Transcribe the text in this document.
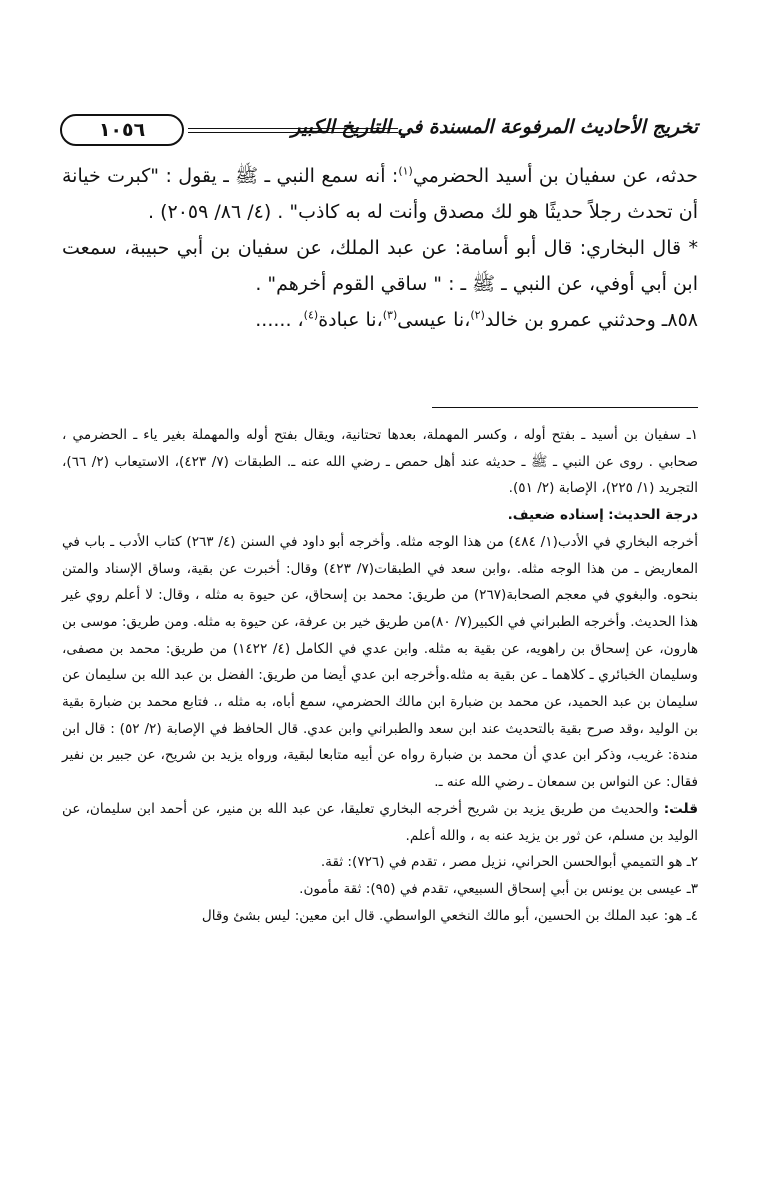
تخريج الأحاديث المرفوعة المسندة في التاريخ الكبير
١٠٥٦

حدثه، عن سفيان بن أسيد الحضرمي$^{(١)}$: أنه سمع النبي ـ ﷺ ـ يقول : "كبرت خيانة أن تحدث رجلاً حديثًا هو لك مصدق وأنت له به كاذب" . (٤/ ٨٦/ ٢٠٥٩) .

* قال البخاري: قال أبو أسامة: عن عبد الملك، عن سفيان بن أبي حبيبة، سمعت ابن أبي أوفي، عن النبي ـ ﷺ ـ : " ساقي القوم أخرهم" .

٨٥٨ـ وحدثني عمرو بن خالد$^{(٢)}$،نا عيسى$^{(٣)}$،نا عبادة$^{(٤)}$، ......

١ـ سفيان بن أسيد ـ بفتح أوله ، وكسر المهملة، بعدها تحتانية، ويقال بفتح أوله والمهملة بغير ياء ـ الحضرمي ، صحابي . روى عن النبي ـ ﷺ ـ حديثه عند أهل حمص ـ رضي الله عنه ـ. الطبقات (٧/ ٤٢٣)، الاستيعاب (٢/ ٦٦)، التجريد (١/ ٢٢٥)، الإصابة (٢/ ٥١).

درجة الحديث: إسناده ضعيف.

أخرجه البخاري في الأدب(١/ ٤٨٤) من هذا الوجه مثله. وأخرجه أبو داود في السنن (٤/ ٢٦٣) كتاب الأدب ـ باب في المعاريض ـ من هذا الوجه مثله. ،وابن سعد في الطبقات(٧/ ٤٢٣) وقال: أخبرت عن بقية، وساق الإسناد والمتن بنحوه. والبغوي في معجم الصحابة(٢٦٧) من طريق: محمد بن إسحاق، عن حيوة به مثله ، وقال: لا أعلم روي غير هذا الحديث. وأخرجه الطبراني في الكبير(٧/ ٨٠)من طريق خير بن عرفة، عن حيوة به مثله. ومن طريق: موسى بن هارون، عن إسحاق بن راهويه، عن بقية به مثله. وابن عدي في الكامل (٤/ ١٤٢٢) من طريق: محمد بن مصفى، وسليمان الخبائري ـ كلاهما ـ عن بقية به مثله.وأخرجه ابن عدي أيضا من طريق: الفضل بن عبد الله بن سليمان عن سليمان بن عبد الحميد، عن محمد بن ضبارة ابن مالك الحضرمي، سمع أباه، به مثله ،. فتابع محمد بن ضبارة بقية بن الوليد ،وقد صرح بقية بالتحديث عند ابن سعد والطبراني وابن عدي. قال الحافظ في الإصابة (٢/ ٥٢) : قال ابن مندة: غريب، وذكر ابن عدي أن محمد بن ضبارة رواه عن أبيه متابعا لبقية، ورواه يزيد بن شريح، عن جبير بن نفير فقال: عن النواس بن سمعان ـ رضي الله عنه ـ.

قلت: والحديث من طريق يزيد بن شريح أخرجه البخاري تعليقا، عن عبد الله بن منير، عن أحمد ابن سليمان، عن الوليد بن مسلم، عن ثور بن يزيد عنه به ، والله أعلم.

٢ـ هو التميمي أبوالحسن الحراني، نزيل مصر ، تقدم في (٧٢٦): ثقة.

٣ـ عيسى بن يونس بن أبي إسحاق السبيعي، تقدم في (٩٥): ثقة مأمون.

٤ـ هو: عبد الملك بن الحسين، أبو مالك النخعي الواسطي. قال ابن معين: ليس بشئ وقال
